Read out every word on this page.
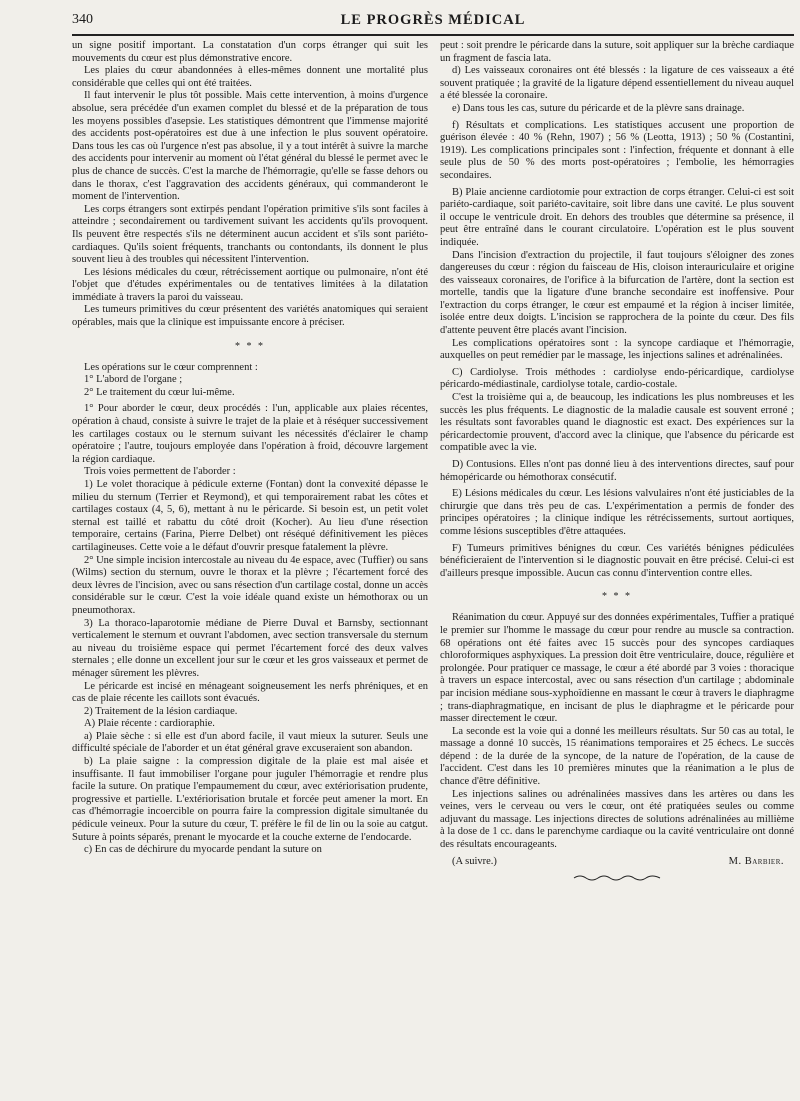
340	LE PROGRÈS MÉDICAL

un signe positif important. La constatation d'un corps étranger qui suit les mouvements du cœur est plus démonstrative encore.

Les plaies du cœur abandonnées à elles-mêmes donnent une mortalité plus considérable que celles qui ont été traitées.

Il faut intervenir le plus tôt possible. Mais cette intervention, à moins d'urgence absolue, sera précédée d'un examen complet du blessé et de la préparation de tous les moyens possibles d'asepsie. Les statistiques démontrent que l'immense majorité des accidents post-opératoires est due à une infection le plus souvent opératoire. Dans tous les cas où l'urgence n'est pas absolue, il y a tout intérêt à suivre la marche des accidents pour intervenir au moment où l'état général du blessé le permet avec le plus de chance de succès. C'est la marche de l'hémorragie, qu'elle se fasse dehors ou dans le thorax, c'est l'aggravation des accidents généraux, qui commanderont le moment de l'intervention.

Les corps étrangers sont extirpés pendant l'opération primitive s'ils sont faciles à atteindre ; secondairement ou tardivement suivant les accidents qu'ils provoquent. Ils peuvent être respectés s'ils ne déterminent aucun accident et s'ils sont pariéto-cardiaques. Qu'ils soient fréquents, tranchants ou contondants, ils donnent le plus souvent lieu à des troubles qui nécessitent l'intervention.

Les lésions médicales du cœur, rétrécissement aortique ou pulmonaire, n'ont été l'objet que d'études expérimentales ou de tentatives limitées à la dilatation immédiate à travers la paroi du vaisseau.

Les tumeurs primitives du cœur présentent des variétés anatomiques qui seraient opérables, mais que la clinique est impuissante encore à préciser.

* * *

Les opérations sur le cœur comprennent :

1° L'abord de l'organe ;

2° Le traitement du cœur lui-même.

1° Pour aborder le cœur, deux procédés : l'un, applicable aux plaies récentes, opération à chaud, consiste à suivre le trajet de la plaie et à réséquer successivement les cartilages costaux ou le sternum suivant les nécessités d'éclairer le champ opératoire ; l'autre, toujours employée dans l'opération à froid, découvre largement la région cardiaque.

Trois voies permettent de l'aborder :

1) Le volet thoracique à pédicule externe (Fontan) dont la convexité dépasse le milieu du sternum (Terrier et Reymond), et qui temporairement rabat les côtes et cartilages costaux (4, 5, 6), mettant à nu le péricarde. Si besoin est, un petit volet sternal est taillé et rabattu du côté droit (Kocher). Au lieu d'une résection temporaire, certains (Farina, Pierre Delbet) ont réséqué définitivement les pièces cartilagineuses. Cette voie a le défaut d'ouvrir presque fatalement la plèvre.

2° Une simple incision intercostale au niveau du 4e espace, avec (Tuffier) ou sans (Wilms) section du sternum, ouvre le thorax et la plèvre ; l'écartement forcé des deux lèvres de l'incision, avec ou sans résection d'un cartilage costal, donne un accès considérable sur le cœur. C'est la voie idéale quand existe un hémothorax ou un pneumothorax.

3) La thoraco-laparotomie médiane de Pierre Duval et Barnsby, sectionnant verticalement le sternum et ouvrant l'abdomen, avec section transversale du sternum au niveau du troisième espace qui permet l'écartement forcé des deux valves sternales ; elle donne un excellent jour sur le cœur et les gros vaisseaux et permet de ménager sûrement les plèvres.

Le péricarde est incisé en ménageant soigneusement les nerfs phréniques, et en cas de plaie récente les caillots sont évacués.

2) Traitement de la lésion cardiaque.

A) Plaie récente : cardioraphie.

a) Plaie sèche : si elle est d'un abord facile, il vaut mieux la suturer. Seuls une difficulté spéciale de l'aborder et un état général grave excuseraient son abandon.

b) La plaie saigne : la compression digitale de la plaie est mal aisée et insuffisante. Il faut immobiliser l'organe pour juguler l'hémorragie et rendre plus facile la suture. On pratique l'empaumement du cœur, avec extériorisation prudente, progressive et partielle. L'extériorisation brutale et forcée peut amener la mort. En cas d'hémorragie incoercible on pourra faire la compression digitale simultanée du pédicule veineux. Pour la suture du cœur, T. préfère le fil de lin ou la soie au catgut. Suture à points séparés, prenant le myocarde et la couche externe de l'endocarde.

c) En cas de déchirure du myocarde pendant la suture on

peut : soit prendre le péricarde dans la suture, soit appliquer sur la brèche cardiaque un fragment de fascia lata.

d) Les vaisseaux coronaires ont été blessés : la ligature de ces vaisseaux a été souvent pratiquée ; la gravité de la ligature dépend essentiellement du niveau auquel a été blessée la coronaire.

e) Dans tous les cas, suture du péricarde et de la plèvre sans drainage.

f) Résultats et complications. Les statistiques accusent une proportion de guérison élevée : 40 % (Rehn, 1907) ; 56 % (Leotta, 1913) ; 50 % (Costantini, 1919). Les complications principales sont : l'infection, fréquente et donnant à elle seule plus de 50 % des morts post-opératoires ; l'embolie, les hémorragies secondaires.

B) Plaie ancienne cardiotomie pour extraction de corps étranger. Celui-ci est soit pariéto-cardiaque, soit pariéto-cavitaire, soit libre dans une cavité. Le plus souvent il occupe le ventricule droit. En dehors des troubles que détermine sa présence, il peut être entraîné dans le courant circulatoire. L'opération est le plus souvent indiquée.

Dans l'incision d'extraction du projectile, il faut toujours s'éloigner des zones dangereuses du cœur : région du faisceau de His, cloison interauriculaire et origine des vaisseaux coronaires, de l'orifice à la bifurcation de l'artère, dont la section est mortelle, tandis que la ligature d'une branche secondaire est inoffensive. Pour l'extraction du corps étranger, le cœur est empaumé et la région à inciser limitée, isolée entre deux doigts. L'incision se rapprochera de la pointe du cœur. Des fils d'attente peuvent être placés avant l'incision.

Les complications opératoires sont : la syncope cardiaque et l'hémorragie, auxquelles on peut remédier par le massage, les injections salines et adrénalinées.

C) Cardiolyse. Trois méthodes : cardiolyse endo-péricardique, cardiolyse péricardo-médiastinale, cardiolyse totale, cardio-costale.

C'est la troisième qui a, de beaucoup, les indications les plus nombreuses et les succès les plus fréquents. Le diagnostic de la maladie causale est souvent erroné ; les résultats sont favorables quand le diagnostic est exact. Des expériences sur la péricardectomie prouvent, d'accord avec la clinique, que l'absence du péricarde est compatible avec la vie.

D) Contusions. Elles n'ont pas donné lieu à des interventions directes, sauf pour hémopéricarde ou hémothorax consécutif.

E) Lésions médicales du cœur. Les lésions valvulaires n'ont été justiciables de la chirurgie que dans très peu de cas. L'expérimentation a permis de fonder des principes opératoires ; la clinique indique les rétrécissements, surtout aortiques, comme lésions susceptibles d'être attaquées.

F) Tumeurs primitives bénignes du cœur. Ces variétés bénignes pédiculées bénéficieraient de l'intervention si le diagnostic pouvait en être précisé. Celui-ci est d'ailleurs presque impossible. Aucun cas connu d'intervention contre elles.

* * *

Réanimation du cœur. Appuyé sur des données expérimentales, Tuffier a pratiqué le premier sur l'homme le massage du cœur pour rendre au muscle sa contraction. 68 opérations ont été faites avec 15 succès pour des syncopes cardiaques chloroformiques asphyxiques. La pression doit être ventriculaire, douce, régulière et prolongée. Pour pratiquer ce massage, le cœur a été abordé par 3 voies : thoracique à travers un espace intercostal, avec ou sans résection d'un cartilage ; abdominale par incision médiane sous-xyphoïdienne en massant le cœur à travers le diaphragme ; trans-diaphragmatique, en incisant de plus le diaphragme et le péricarde pour masser directement le cœur.

La seconde est la voie qui a donné les meilleurs résultats. Sur 50 cas au total, le massage a donné 10 succès, 15 réanimations temporaires et 25 échecs. Le succès dépend : de la durée de la syncope, de la nature de l'opération, de la cause de l'accident. C'est dans les 10 premières minutes que la réanimation a le plus de chance d'être définitive.

Les injections salines ou adrénalinées massives dans les artères ou dans les veines, vers le cerveau ou vers le cœur, ont été pratiquées seules ou comme adjuvant du massage. Les injections directes de solutions adrénalinées au millième à la dose de 1 cc. dans le parenchyme cardiaque ou la cavité ventriculaire ont donné des résultats encourageants.

(A suivre.)	M. Barbier.
